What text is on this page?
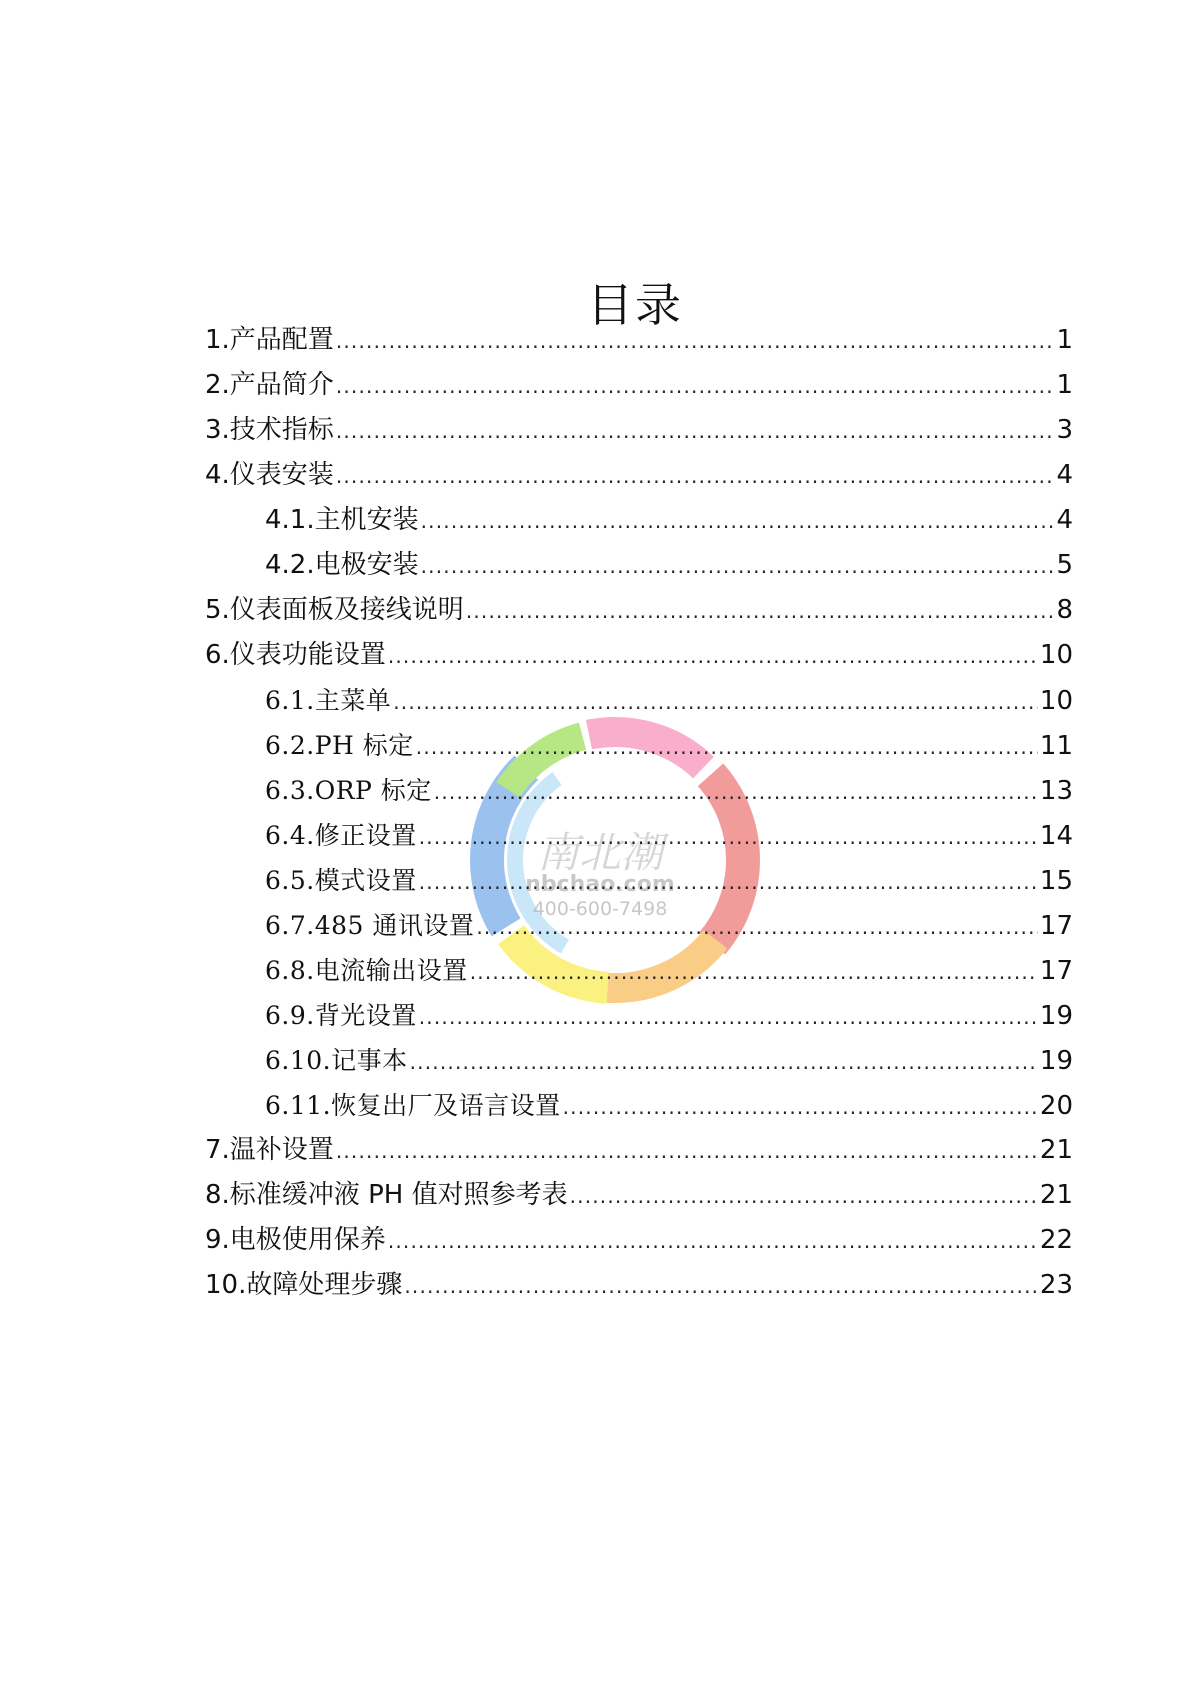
目录
南北潮
nbchao.com
400-600-7498
1.产品配置 .....	1
2.产品简介 .....	1
3.技术指标 .....	3
4.仪表安装 .....	4
4.1.主机安装 .....	4
4.2.电极安装 .....	5
5.仪表面板及接线说明 .....	8
6.仪表功能设置 .....	10
6.1.主菜单 .....	10
6.2.PH 标定 .....	11
6.3.ORP 标定 .....	13
6.4.修正设置 .....	14
6.5.模式设置 .....	15
6.7.485 通讯设置 .....	17
6.8.电流输出设置 .....	17
6.9.背光设置 .....	19
6.10.记事本 .....	19
6.11.恢复出厂及语言设置 .....	20
7.温补设置 .....	21
8.标准缓冲液 PH 值对照参考表 .....	21
9.电极使用保养 .....	22
10.故障处理步骤 .....	23
